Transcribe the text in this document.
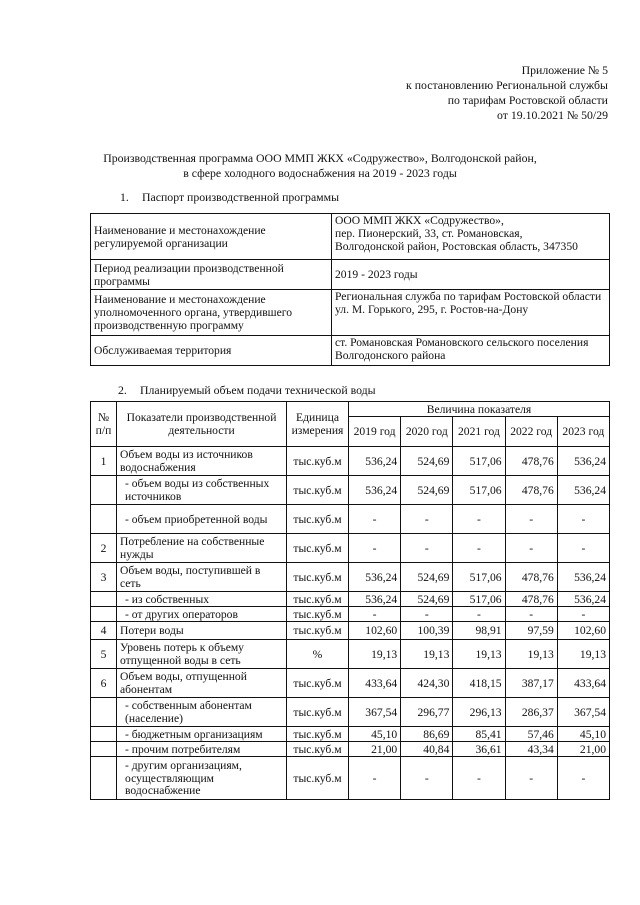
Приложение № 5
к постановлению Региональной службы
по тарифам Ростовской области
от 19.10.2021 № 50/29
Производственная программа ООО ММП ЖКХ «Содружество», Волгодонской район,
в сфере холодного водоснабжения на 2019 - 2023 годы
1. Паспорт производственной программы
Наименование и местонахождение регулируемой организации	ООО ММП ЖКХ «Содружество»,
пер. Пионерский, 33, ст. Романовская,
Волгодонской район, Ростовская область, 347350

Период реализации производственной программы	2019 - 2023 годы

Наименование и местонахождение уполномоченного органа, утвердившего производственную программу	Региональная служба по тарифам Ростовской области
ул. М. Горького, 295, г. Ростов-на-Дону

Обслуживаемая территория	ст. Романовская Романовского сельского поселения Волгодонского района
2. Планируемый объем подачи технической воды
№ п/п	Показатели производственной деятельности	Единица измерения	Величина показателя				
			2019 год	2020 год	2021 год	2022 год	2023 год
1	Объем воды из источников водоснабжения	тыс.куб.м	536,24	524,69	517,06	478,76	536,24
	- объем воды из собственных источников	тыс.куб.м	536,24	524,69	517,06	478,76	536,24
	- объем приобретенной воды	тыс.куб.м	-	-	-	-	-
2	Потребление на собственные нужды	тыс.куб.м	-	-	-	-	-
3	Объем воды, поступившей в сеть	тыс.куб.м	536,24	524,69	517,06	478,76	536,24
	- из собственных	тыс.куб.м	536,24	524,69	517,06	478,76	536,24
	- от других операторов	тыс.куб.м	-	-	-	-	-
4	Потери воды	тыс.куб.м	102,60	100,39	98,91	97,59	102,60
5	Уровень потерь к объему отпущенной воды в сеть	%	19,13	19,13	19,13	19,13	19,13
6	Объем воды, отпущенной абонентам	тыс.куб.м	433,64	424,30	418,15	387,17	433,64
	- собственным абонентам (население)	тыс.куб.м	367,54	296,77	296,13	286,37	367,54
	- бюджетным организациям	тыс.куб.м	45,10	86,69	85,41	57,46	45,10
	- прочим потребителям	тыс.куб.м	21,00	40,84	36,61	43,34	21,00
	- другим организациям, осуществляющим водоснабжение	тыс.куб.м	-	-	-	-	-
